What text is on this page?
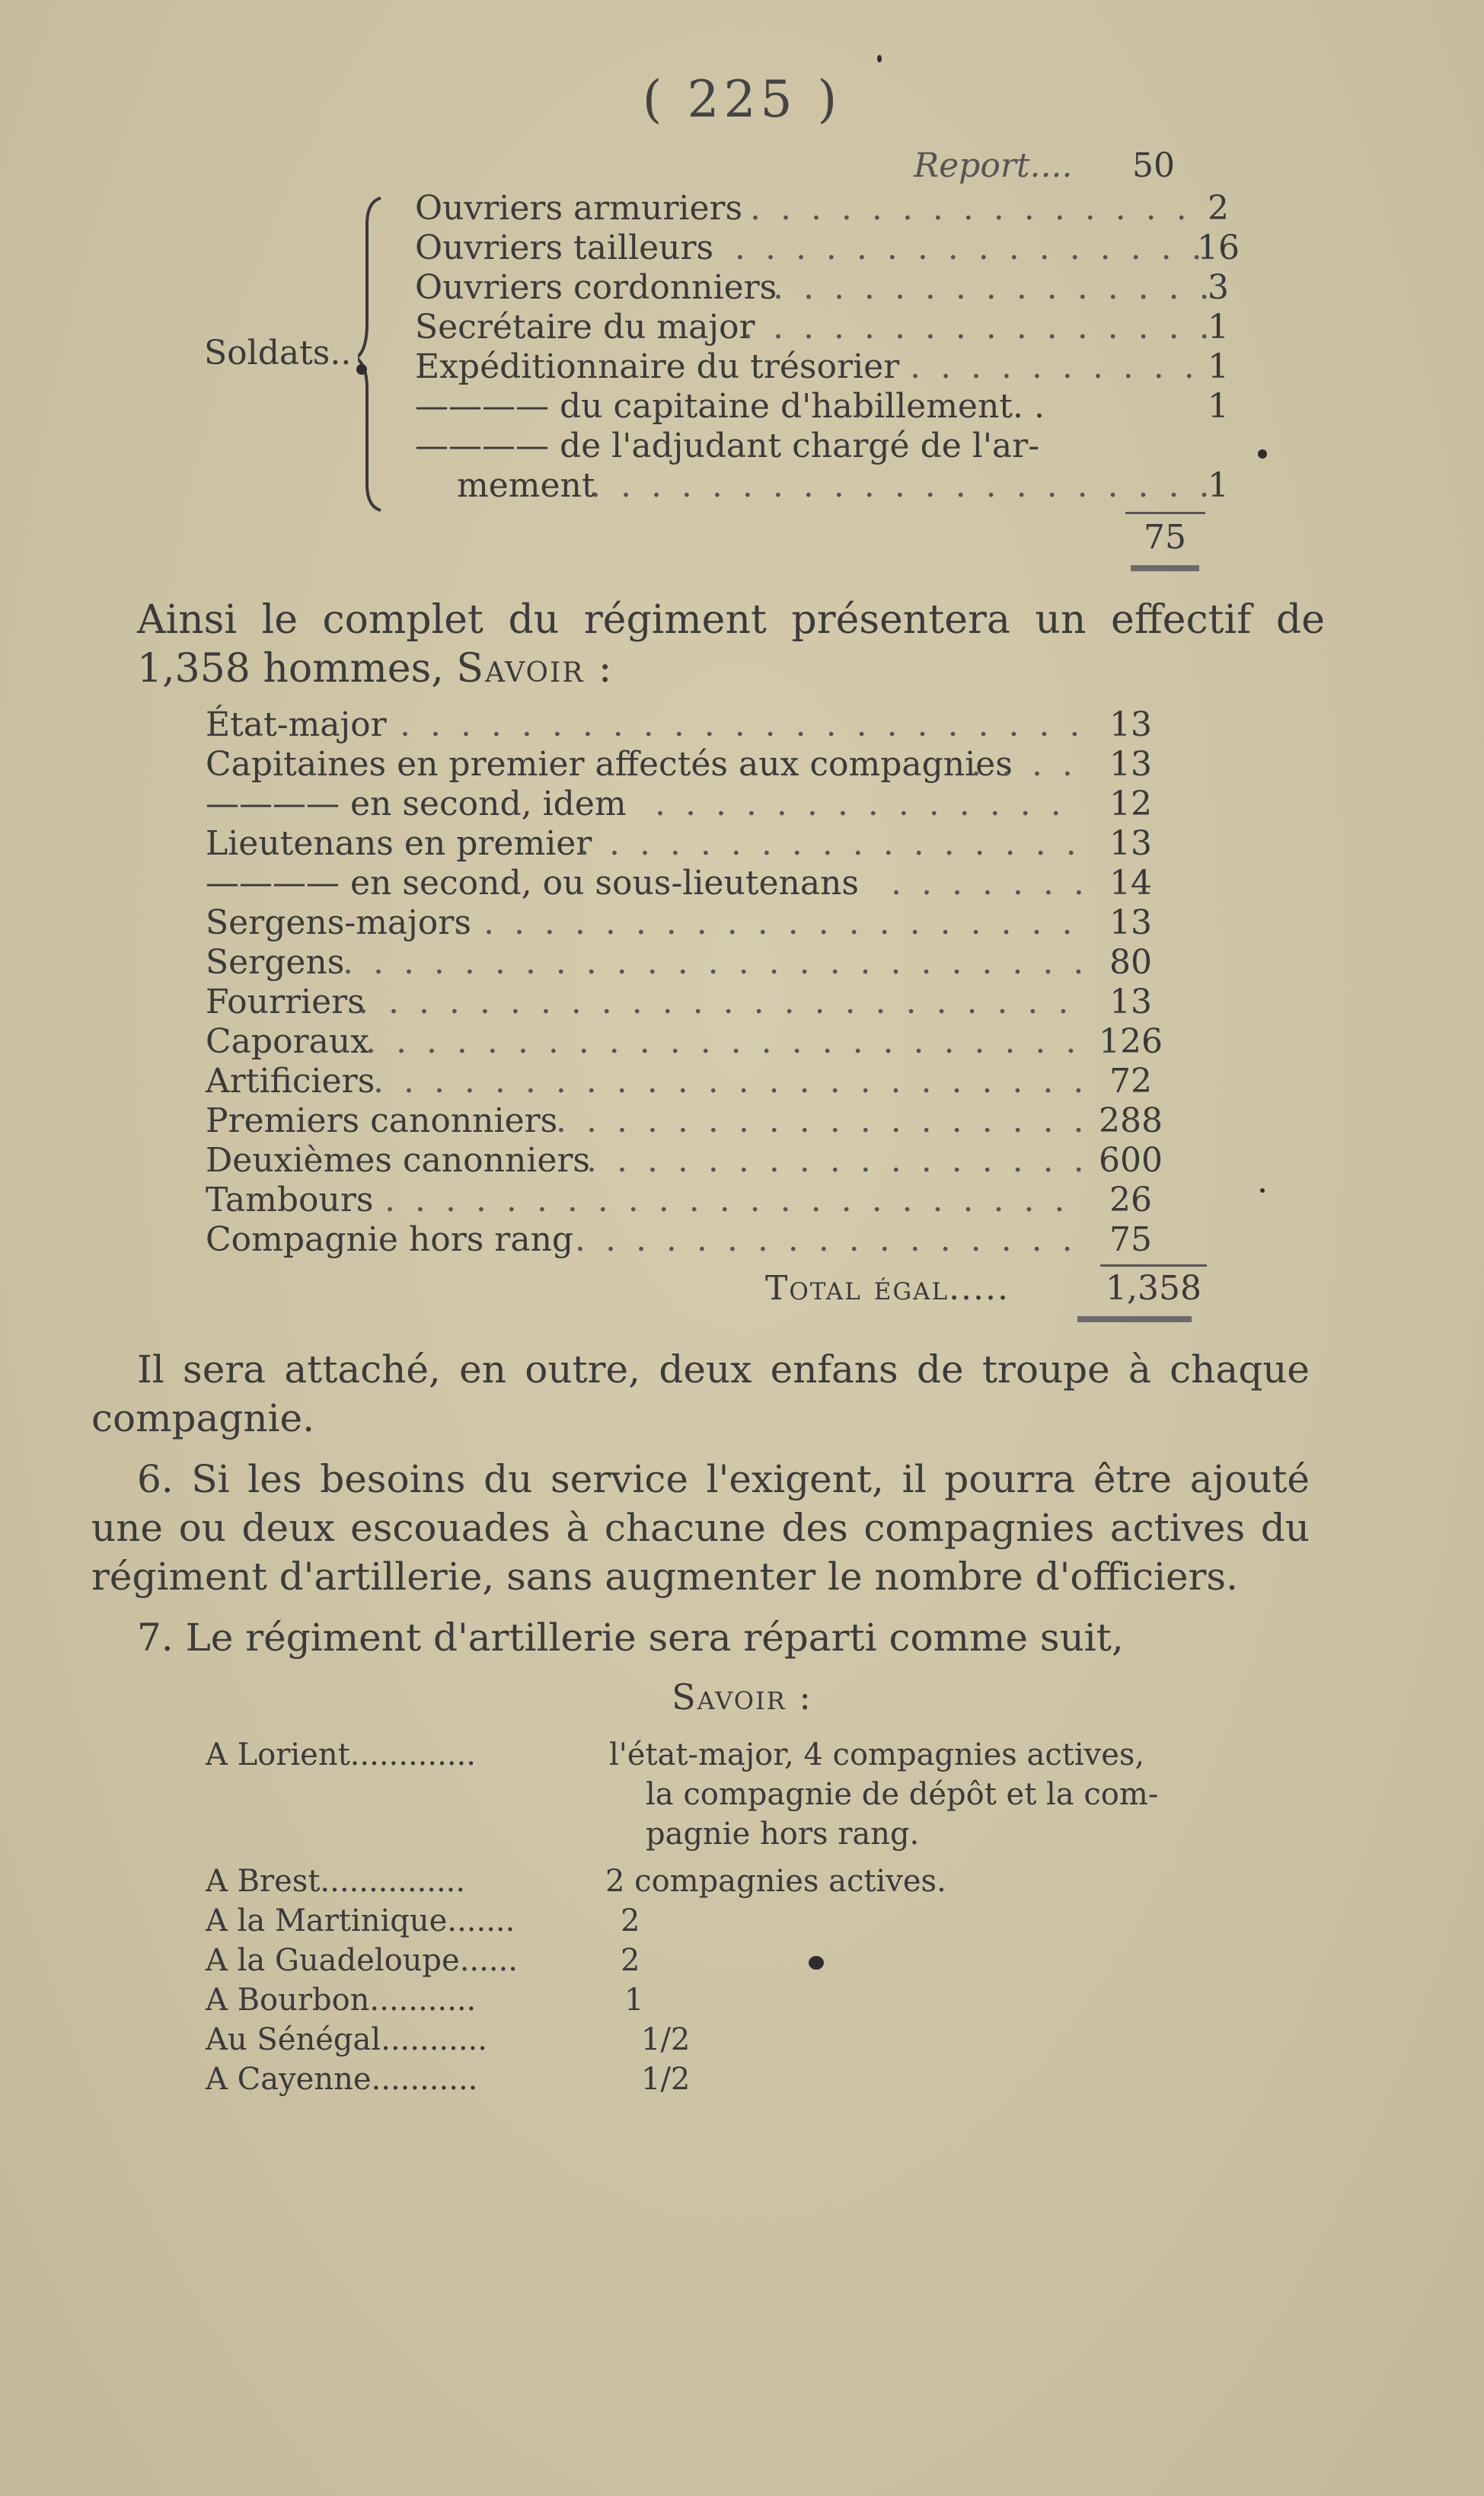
( 225 )
Report....	50
Soldats..
Ouvriers armuriers . . .	2
Ouvriers tailleurs . . .	16
Ouvriers cordonniers . . .	3
Secrétaire du major . . .	1
Expéditionnaire du trésorier . . .	1
———— du capitaine d'habillement. .	1
———— de l'adjudant chargé de l'ar-
mement . . .	1
75
Ainsi le complet du régiment présentera un effectif de
1,358 hommes, Savoir :
État-major . . .	13
Capitaines en premier affectés aux compagnies . . .	13
———— en second, idem . . .	12
Lieutenans en premier . . .	13
———— en second, ou sous-lieutenans . . .	14
Sergens-majors . . .	13
Sergens . . .	80
Fourriers . . .	13
Caporaux . . .	126
Artificiers . . .	72
Premiers canonniers . . .	288
Deuxièmes canonniers . . .	600
Tambours . . .	26
Compagnie hors rang . . .	75
Total égal.....	1,358
Il sera attaché, en outre, deux enfans de troupe à chaque
compagnie.
6. Si les besoins du service l'exigent, il pourra être ajouté
une ou deux escouades à chacune des compagnies actives du
régiment d'artillerie, sans augmenter le nombre d'officiers.
7. Le régiment d'artillerie sera réparti comme suit,
Savoir :
A Lorient.............	l'état-major, 4 compagnies actives,
la compagnie de dépôt et la com-
pagnie hors rang.
A Brest...............	2 compagnies actives.
A la Martinique.......	2
A la Guadeloupe......	2
A Bourbon...........	1
Au Sénégal...........	1/2
A Cayenne...........	1/2
